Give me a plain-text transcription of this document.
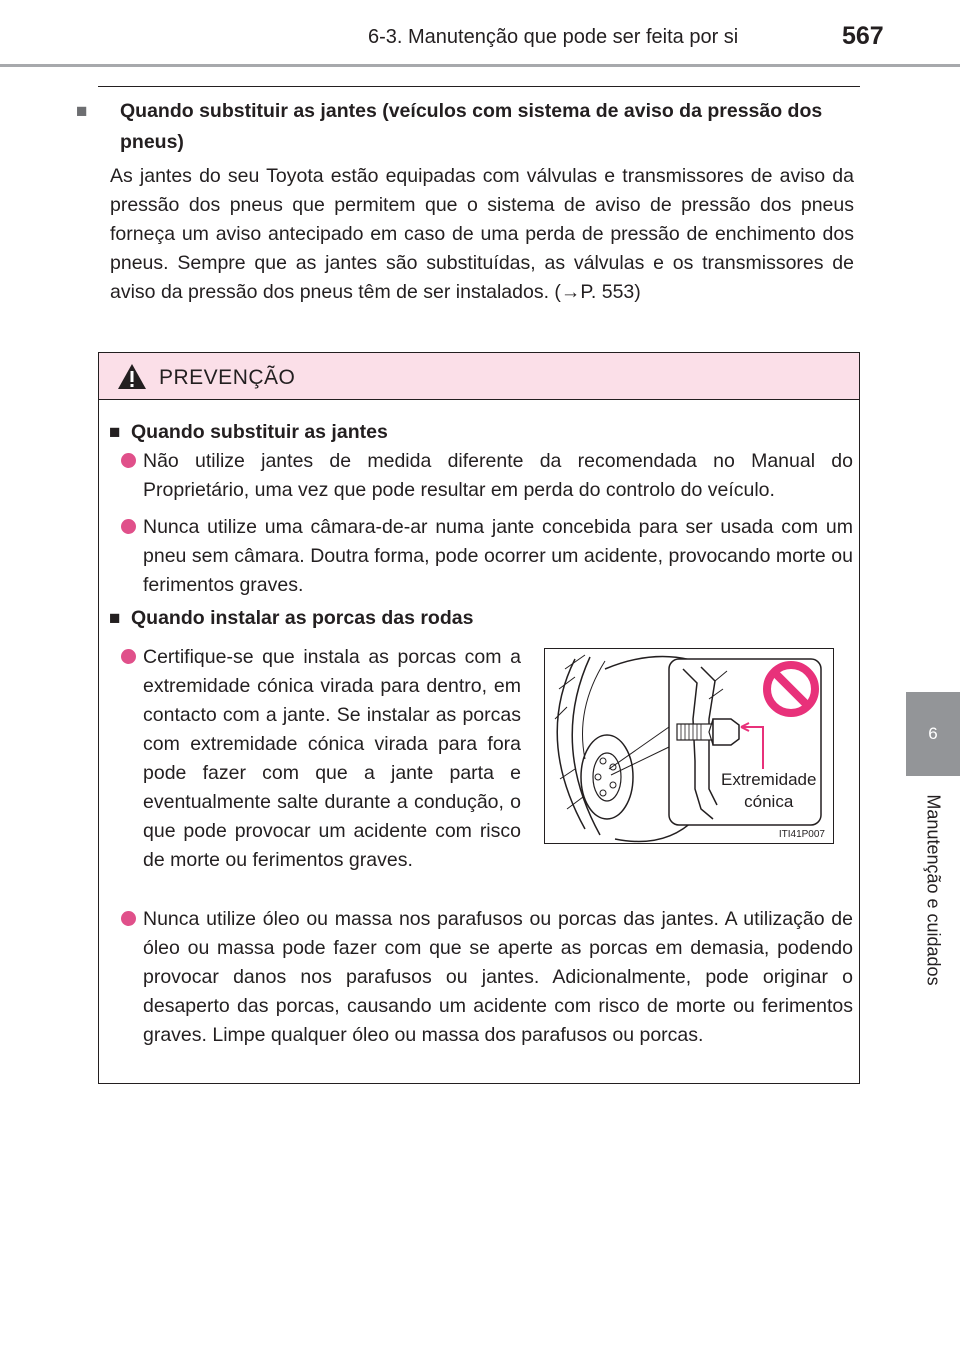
6-3. Manutenção que pode ser feita por si	567
6
Manutenção e cuidados
■ Quando substituir as jantes (veículos com sistema de aviso da pressão dos pneus)
As jantes do seu Toyota estão equipadas com válvulas e transmissores de aviso da pressão dos pneus que permitem que o sistema de aviso de pressão dos pneus forneça um aviso antecipado em caso de uma perda de pressão de enchimento dos pneus. Sempre que as jantes são substituídas, as válvulas e os transmissores de aviso da pressão dos pneus têm de ser instalados. (→P. 553)
PREVENÇÃO
■ Quando substituir as jantes
Não utilize jantes de medida diferente da recomendada no Manual do Proprietário, uma vez que pode resultar em perda do controlo do veículo.
Nunca utilize uma câmara-de-ar numa jante concebida para ser usada com um pneu sem câmara. Doutra forma, pode ocorrer um acidente, provocando morte ou ferimentos graves.
■ Quando instalar as porcas das rodas
Certifique-se que instala as porcas com a extremidade cónica virada para dentro, em contacto com a jante. Se instalar as porcas com extremidade cónica virada para fora pode fazer com que a jante parta e eventualmente salte durante a condução, o que pode provocar um acidente com risco de morte ou ferimentos graves.
Nunca utilize óleo ou massa nos parafusos ou porcas das jantes. A utilização de óleo ou massa pode fazer com que se aperte as porcas em demasia, podendo provocar danos nos parafusos ou jantes. Adicionalmente, pode originar o desaperto das porcas, causando um acidente com risco de morte ou ferimentos graves. Limpe qualquer óleo ou massa dos parafusos ou porcas.
Extremidade
cónica
ITI41P007
